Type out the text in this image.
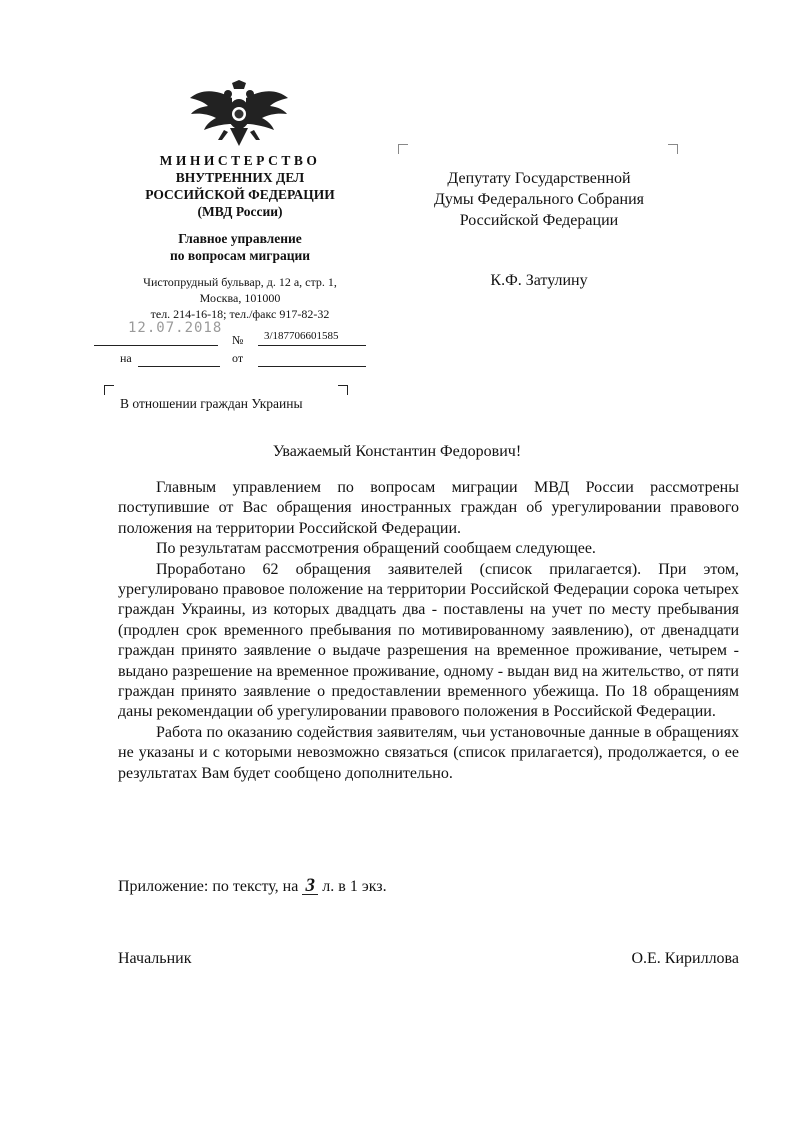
МИНИСТЕРСТВО
ВНУТРЕННИХ ДЕЛ
РОССИЙСКОЙ ФЕДЕРАЦИИ
(МВД России)
Главное управление
по вопросам миграции
Чистопрудный бульвар, д. 12 а, стр. 1,
Москва, 101000
тел. 214-16-18; тел./факс 917-82-32
12.07.2018
№ 3/187706601585
на	от
В отношении граждан Украины
Депутату Государственной
Думы Федерального Собрания
Российской Федерации
К.Ф. Затулину
Уважаемый Константин Федорович!

Главным управлением по вопросам миграции МВД России рассмотрены поступившие от Вас обращения иностранных граждан об урегулировании правового положения на территории Российской Федерации.

По результатам рассмотрения обращений сообщаем следующее.

Проработано 62 обращения заявителей (список прилагается). При этом, урегулировано правовое положение на территории Российской Федерации сорока четырех граждан Украины, из которых двадцать два - поставлены на учет по месту пребывания (продлен срок временного пребывания по мотивированному заявлению), от двенадцати граждан принято заявление о выдаче разрешения на временное проживание, четырем - выдано разрешение на временное проживание, одному - выдан вид на жительство, от пяти граждан принято заявление о предоставлении временного убежища. По 18 обращениям даны рекомендации об урегулировании правового положения в Российской Федерации.

Работа по оказанию содействия заявителям, чьи установочные данные в обращениях не указаны и с которыми невозможно связаться (список прилагается), продолжается, о ее результатах Вам будет сообщено дополнительно.

Приложение: по тексту, на 3 л. в 1 экз.
Начальник	О.Е. Кириллова
